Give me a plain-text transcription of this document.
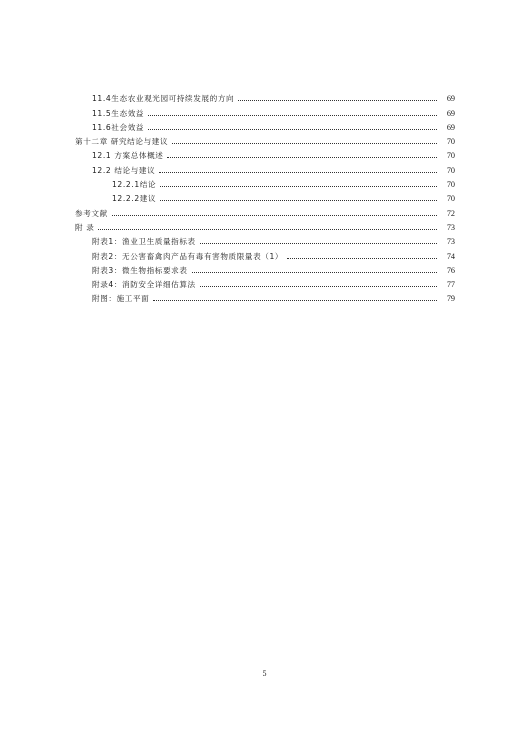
11.4生态农业观光园可持续发展的方向	69
11.5生态效益	69
11.6社会效益	69
第十二章 研究结论与建议	70
12.1 方案总体概述	70
12.2 结论与建议	70
12.2.1结论	70
12.2.2建议	70
参考文献	72
附 录	73
附表1：渔业卫生质量指标表	73
附表2：无公害畜禽肉产品有毒有害物质限量表（1）	74
附表3：微生物指标要求表	76
附录4：消防安全详细估算法	77
附图：施工平面	79
5
